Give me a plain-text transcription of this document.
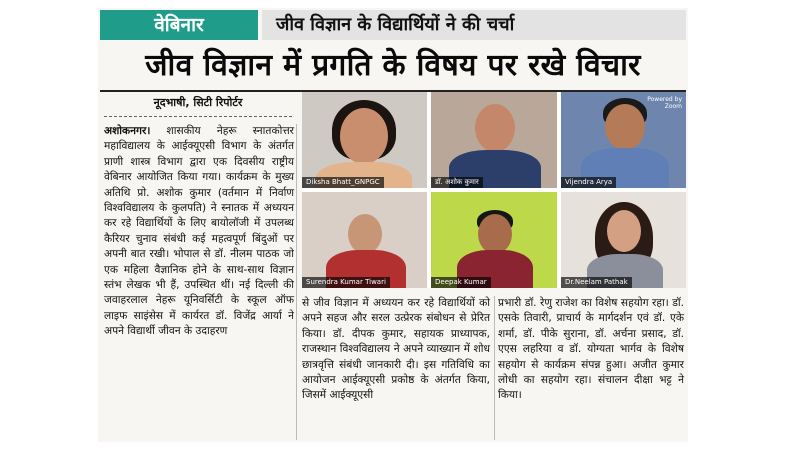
वेबिनार	जीव विज्ञान के विद्यार्थियों ने की चर्चा
जीव विज्ञान में प्रगति के विषय पर रखे विचार
नूदभाषी, सिटी रिपोर्टर
अशोकनगर। शासकीय नेहरू स्नातकोत्तर महाविद्यालय के आईक्यूएसी विभाग के अंतर्गत प्राणी शास्त्र विभाग द्वारा एक दिवसीय राष्ट्रीय वेबिनार आयोजित किया गया। कार्यक्रम के मुख्य अतिथि प्रो. अशोक कुमार (वर्तमान में निर्वाण विश्वविद्यालय के कुलपति) ने स्नातक में अध्ययन कर रहे विद्यार्थियों के लिए बायोलॉजी में उपलब्ध कैरियर चुनाव संबंधी कई महत्वपूर्ण बिंदुओं पर अपनी बात रखी। भोपाल से डॉ. नीलम पाठक जो एक महिला वैज्ञानिक होने के साथ-साथ विज्ञान स्तंभ लेखक भी हैं, उपस्थित थीं। नई दिल्ली की जवाहरलाल नेहरू यूनिवर्सिटी के स्कूल ऑफ लाइफ साइंसेस में कार्यरत डॉ. विजेंद्र आर्या ने अपने विद्यार्थी जीवन के उदाहरण
से जीव विज्ञान में अध्ययन कर रहे विद्यार्थियों को अपने सहज और सरल उत्प्रेरक संबोधन से प्रेरित किया। डॉ. दीपक कुमार, सहायक प्राध्यापक, राजस्थान विश्वविद्यालय ने अपने व्याख्यान में शोध छात्रवृत्ति संबंधी जानकारी दी। इस गतिविधि का आयोजन आईक्यूएसी प्रकोष्ठ के अंतर्गत किया, जिसमें आईक्यूएसी
प्रभारी डॉ. रेणु राजेश का विशेष सहयोग रहा। डॉ. एसके तिवारी, प्राचार्य के मार्गदर्शन एवं डॉ. एके शर्मा, डॉ. पीके सुराना, डॉ. अर्चना प्रसाद, डॉ. एएस लहरिया व डॉ. योग्यता भार्गव के विशेष सहयोग से कार्यक्रम संपन्न हुआ। अजीत कुमार लोधी का सहयोग रहा। संचालन दीक्षा भट्ट ने किया।
Diksha Bhatt_GNPGC	डॉ. अशोक कुमार	Vijendra Arya
Surendra Kumar Tiwari	Deepak Kumar	Dr.Neelam Pathak
Powered by Zoom
